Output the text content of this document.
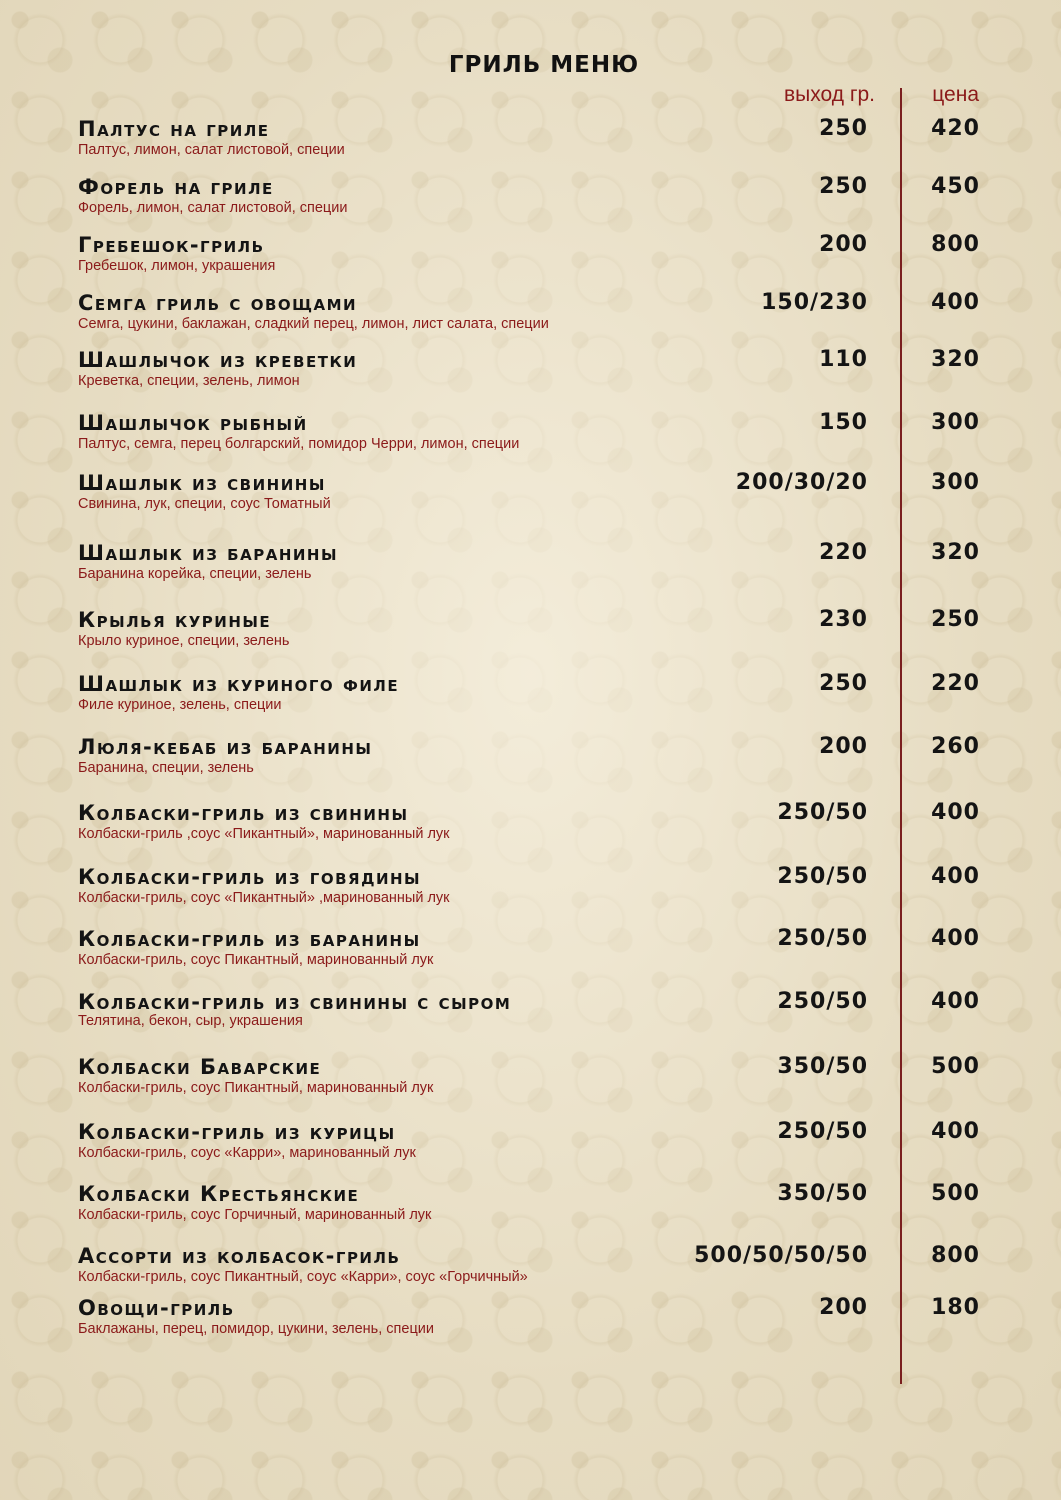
ГРИЛЬ МЕНЮ
выход гр.	цена
Палтус на гриле
Палтус, лимон, салат листовой, специи
250	420
Форель на гриле
Форель, лимон, салат листовой, специи
250	450
Гребешок-гриль
Гребешок, лимон, украшения
200	800
Семга гриль с овощами
Семга, цукини, баклажан, сладкий перец, лимон, лист салата, специи
150/230	400
Шашлычок из креветки
Креветка, специи, зелень, лимон
110	320
Шашлычок рыбный
Палтус, семга, перец болгарский, помидор Черри, лимон, специи
150	300
Шашлык из свинины
Свинина, лук, специи, соус Томатный
200/30/20	300
Шашлык из баранины
Баранина корейка, специи, зелень
220	320
Крылья куриные
Крыло куриное, специи, зелень
230	250
Шашлык из куриного филе
Филе куриное, зелень, специи
250	220
Люля-кебаб из баранины
Баранина, специи, зелень
200	260
Колбаски-гриль из свинины
Колбаски-гриль ,соус «Пикантный», маринованный лук
250/50	400
Колбаски-гриль из говядины
Колбаски-гриль, соус «Пикантный» ,маринованный лук
250/50	400
Колбаски-гриль из баранины
Колбаски-гриль, соус Пикантный, маринованный лук
250/50	400
Колбаски-гриль из свинины с сыром
Телятина, бекон, сыр, украшения
250/50	400
Колбаски Баварские
Колбаски-гриль, соус Пикантный, маринованный лук
350/50	500
Колбаски-гриль из курицы
Колбаски-гриль, соус «Карри», маринованный лук
250/50	400
Колбаски Крестьянские
Колбаски-гриль, соус Горчичный, маринованный лук
350/50	500
Ассорти из колбасок-гриль
Колбаски-гриль, соус Пикантный, соус «Карри», соус «Горчичный»
500/50/50/50	800
Овощи-гриль
Баклажаны, перец, помидор, цукини, зелень, специи
200	180
